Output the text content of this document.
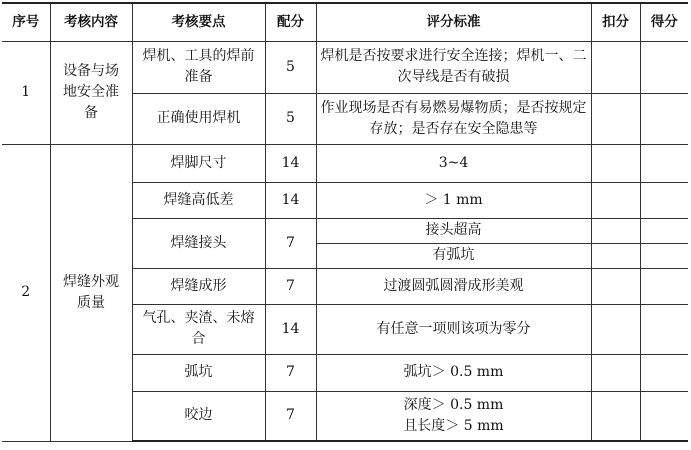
序号	考核内容	考核要点	配分	评分标准	扣分	得分
1	设备与场地安全准备	焊机、工具的焊前准备	5	焊机是否按要求进行安全连接；焊机一、二次导线是否有破损		
		正确使用焊机	5	作业现场是否有易燃易爆物质；是否按规定存放；是否存在安全隐患等		
2	焊缝外观质量	焊脚尺寸	14	3~4		
		焊缝高低差	14	＞ 1 mm		
		焊缝接头	7	接头超高		
				有弧坑		
		焊缝成形	7	过渡圆弧圆滑成形美观		
		气孔、夹渣、未熔合	14	有任意一项则该项为零分		
		弧坑	7	弧坑＞ 0.5 mm		
		咬边	7	深度＞ 0.5 mm
且长度＞ 5 mm		
